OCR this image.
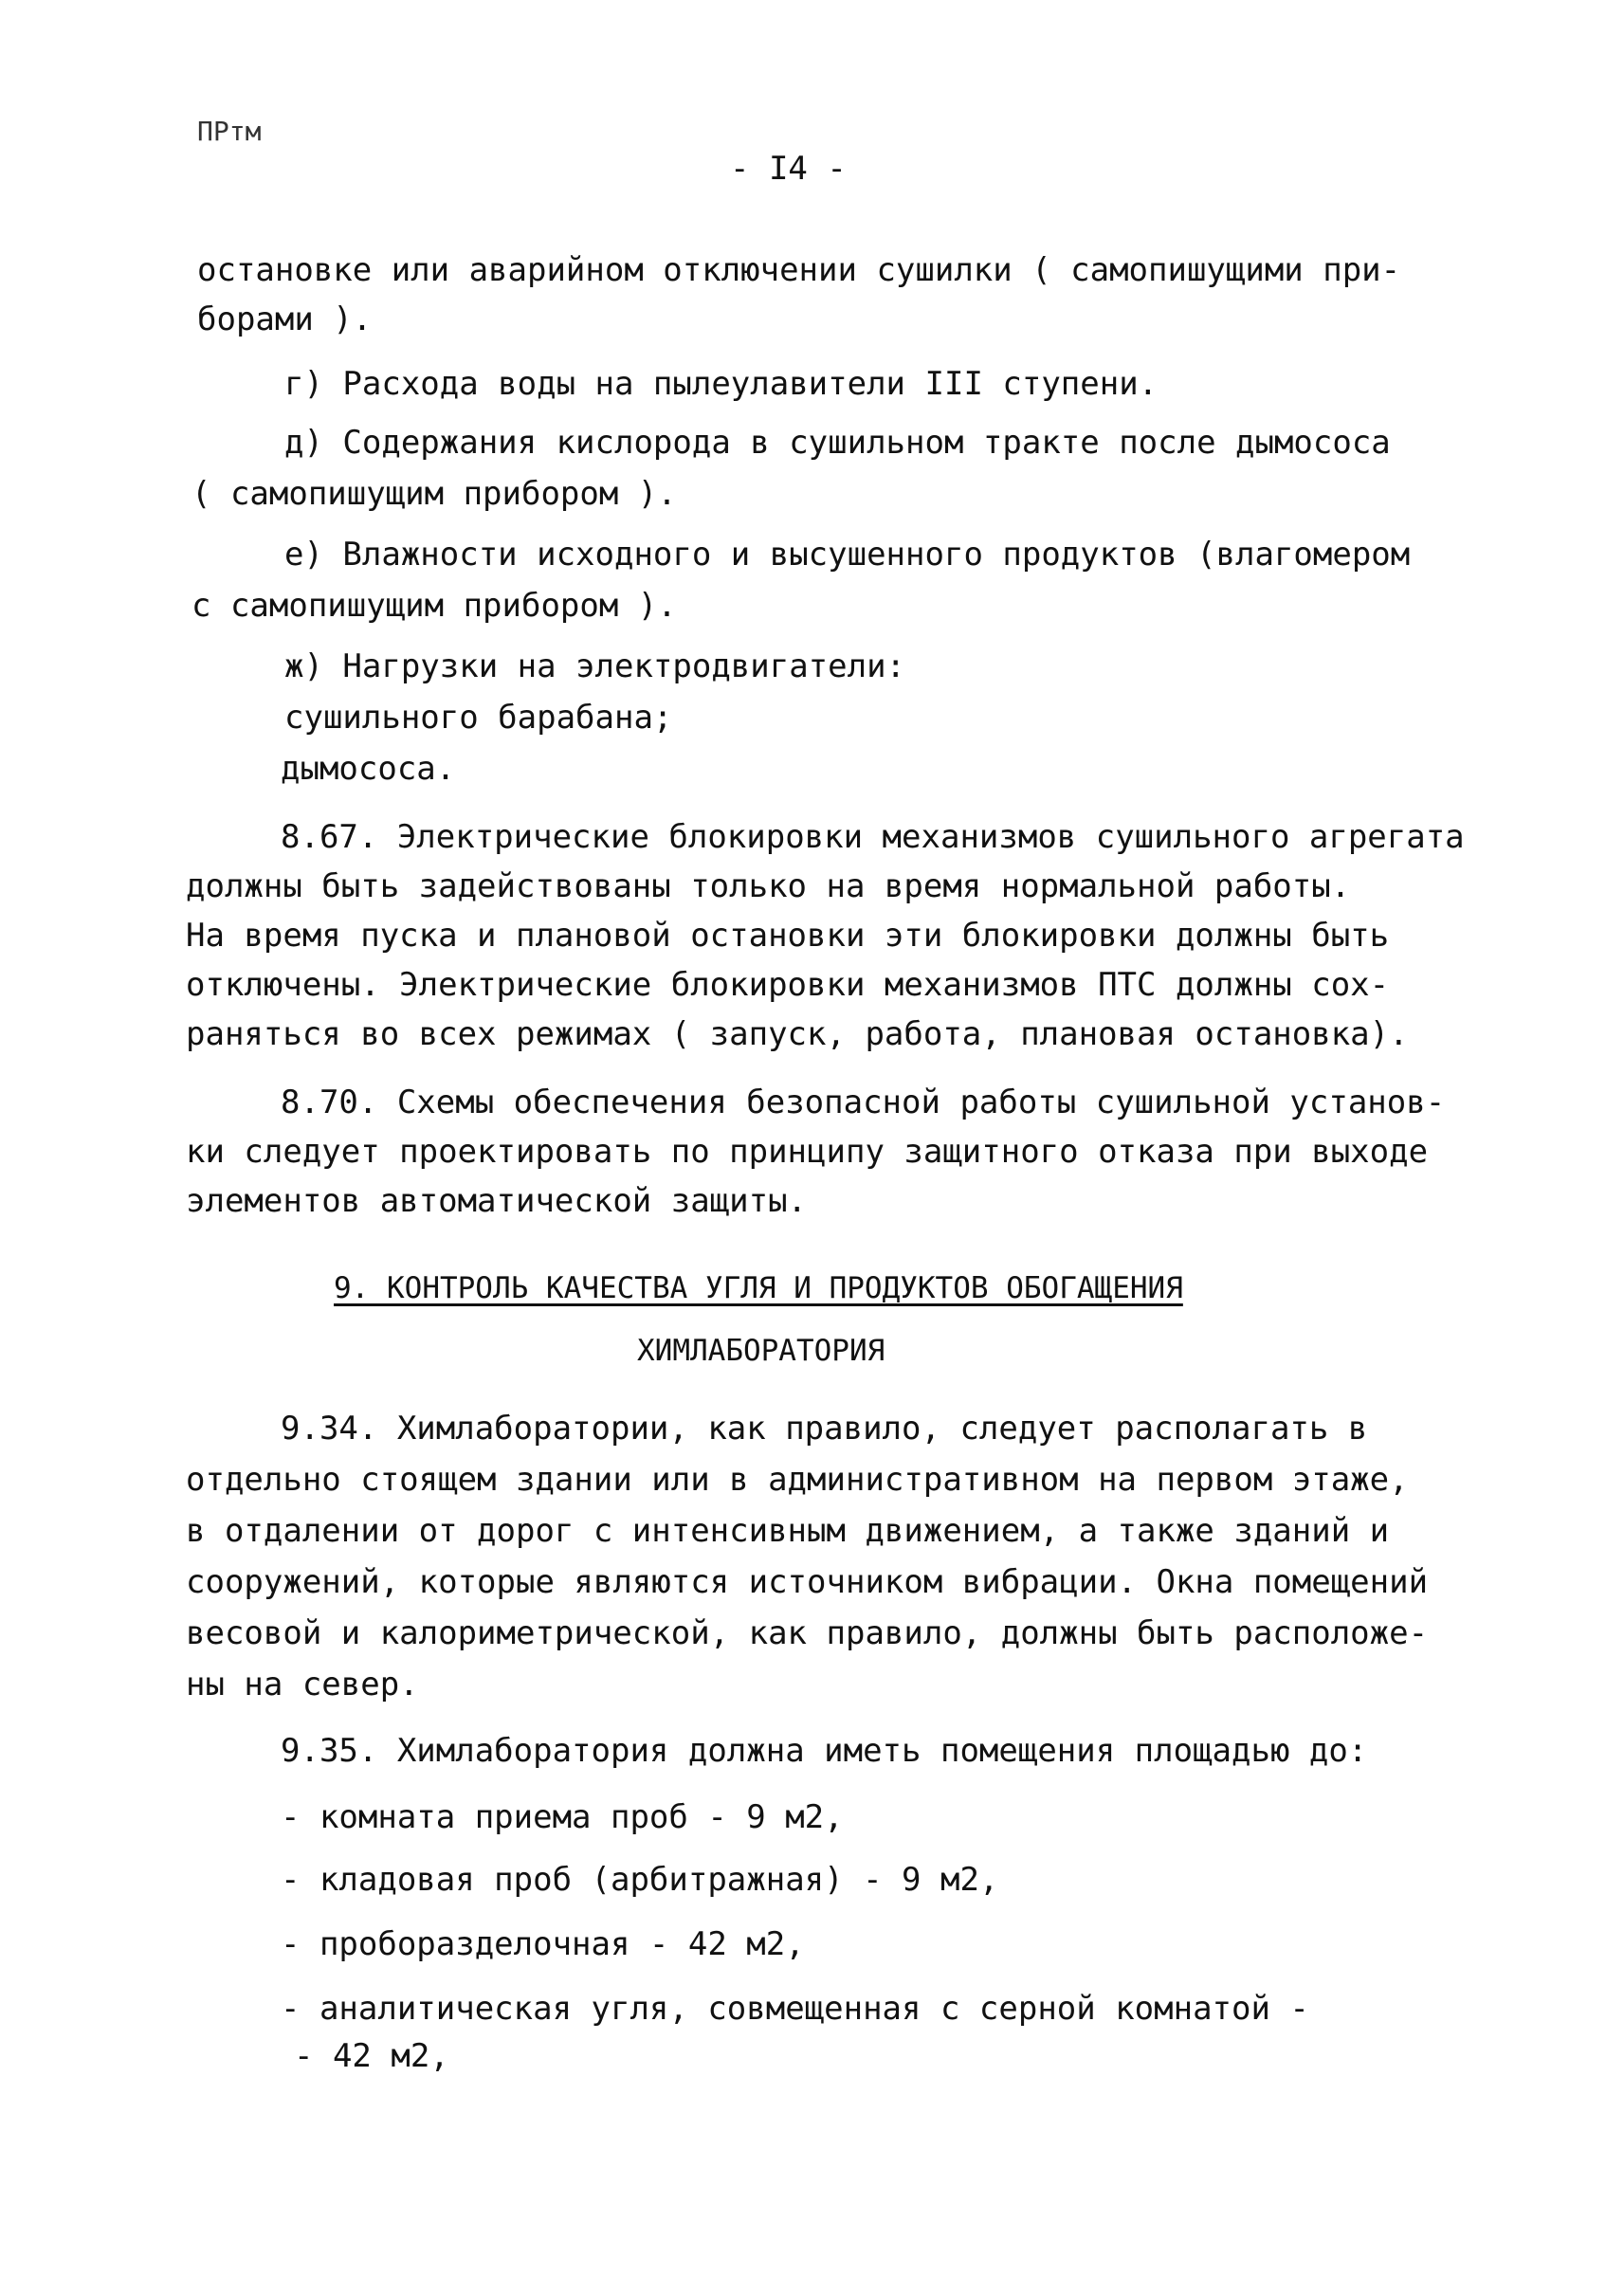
ПРтм
- I4 -
остановке или аварийном отключении сушилки ( самопишущими при-
борами ).
г) Расхода воды на пылеулавители III ступени.
д) Содержания кислорода в сушильном тракте после дымососа
( самопишущим прибором ).
е) Влажности исходного и высушенного продуктов (влагомером
с самопишущим прибором ).
ж) Нагрузки на электродвигатели:
сушильного барабана;
дымососа.
8.67. Электрические блокировки механизмов сушильного агрегата
должны быть задействованы только на время нормальной работы.
На время пуска и плановой остановки эти блокировки должны быть
отключены. Электрические блокировки механизмов ПТС должны сох-
раняться во всех режимах ( запуск, работа, плановая остановка).
8.70. Схемы обеспечения безопасной работы сушильной установ-
ки следует проектировать по принципу защитного отказа при выходе
элементов автоматической защиты.
9. КОНТРОЛЬ КАЧЕСТВА УГЛЯ И ПРОДУКТОВ ОБОГАЩЕНИЯ
ХИМЛАБОРАТОРИЯ
9.34. Химлаборатории, как правило, следует располагать в
отдельно стоящем здании или в административном на первом этаже,
в отдалении от дорог с интенсивным движением, а также зданий и
сооружений, которые являются источником вибрации. Окна помещений
весовой и калориметрической, как правило, должны быть расположе-
ны на север.
9.35. Химлаборатория должна иметь помещения площадью до:
- комната приема проб - 9 м2,
- кладовая проб (арбитражная) - 9 м2,
- проборазделочная - 42 м2,
- аналитическая угля, совмещенная с серной комнатой -
- 42 м2,
